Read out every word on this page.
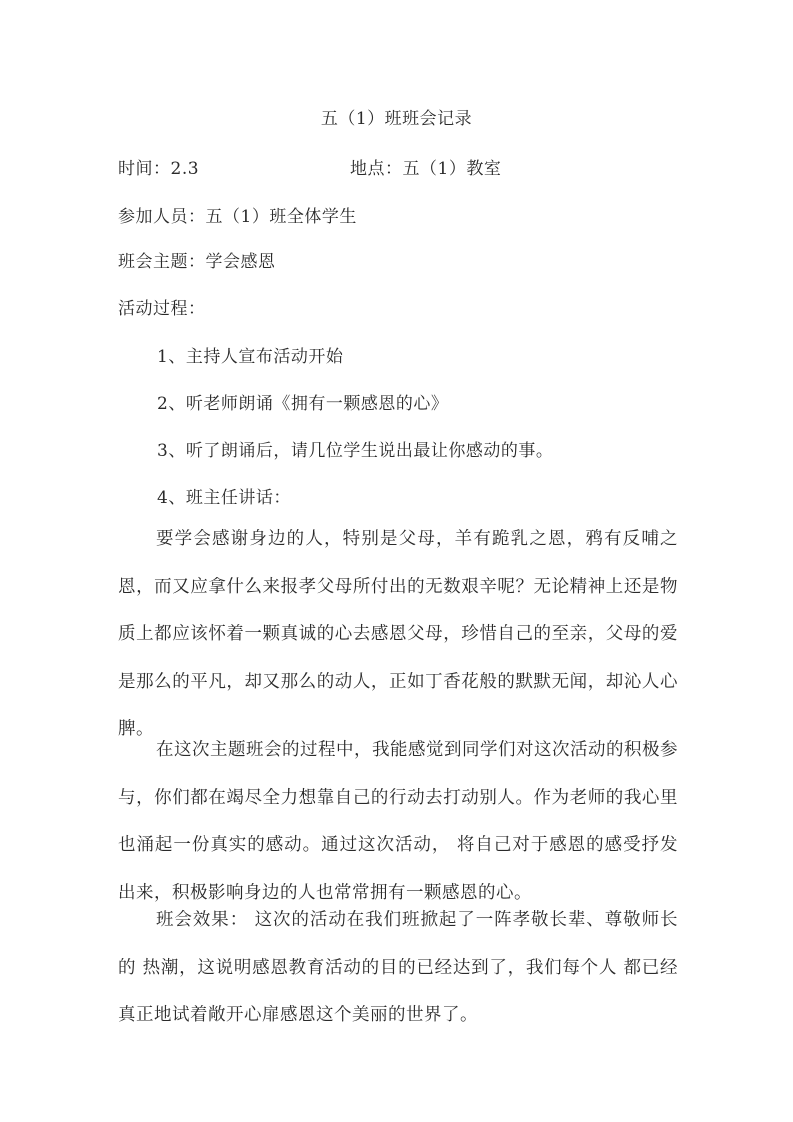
五（1）班班会记录
时间：2.3	地点：五（1）教室
参加人员：五（1）班全体学生
班会主题：学会感恩
活动过程：
1、主持人宣布活动开始
2、听老师朗诵《拥有一颗感恩的心》
3、听了朗诵后，请几位学生说出最让你感动的事。
4、班主任讲话：
要学会感谢身边的人，特别是父母，羊有跪乳之恩，鸦有反哺之恩，而又应拿什么来报孝父母所付出的无数艰辛呢？无论精神上还是物质上都应该怀着一颗真诚的心去感恩父母，珍惜自己的至亲，父母的爱是那么的平凡，却又那么的动人，正如丁香花般的默默无闻，却沁人心脾。
在这次主题班会的过程中，我能感觉到同学们对这次活动的积极参与，你们都在竭尽全力想靠自己的行动去打动别人。作为老师的我心里也涌起一份真实的感动。通过这次活动， 将自己对于感恩的感受抒发出来，积极影响身边的人也常常拥有一颗感恩的心。
班会效果： 这次的活动在我们班掀起了一阵孝敬长辈、尊敬师长的 热潮，这说明感恩教育活动的目的已经达到了，我们每个人 都已经真正地试着敞开心扉感恩这个美丽的世界了。
